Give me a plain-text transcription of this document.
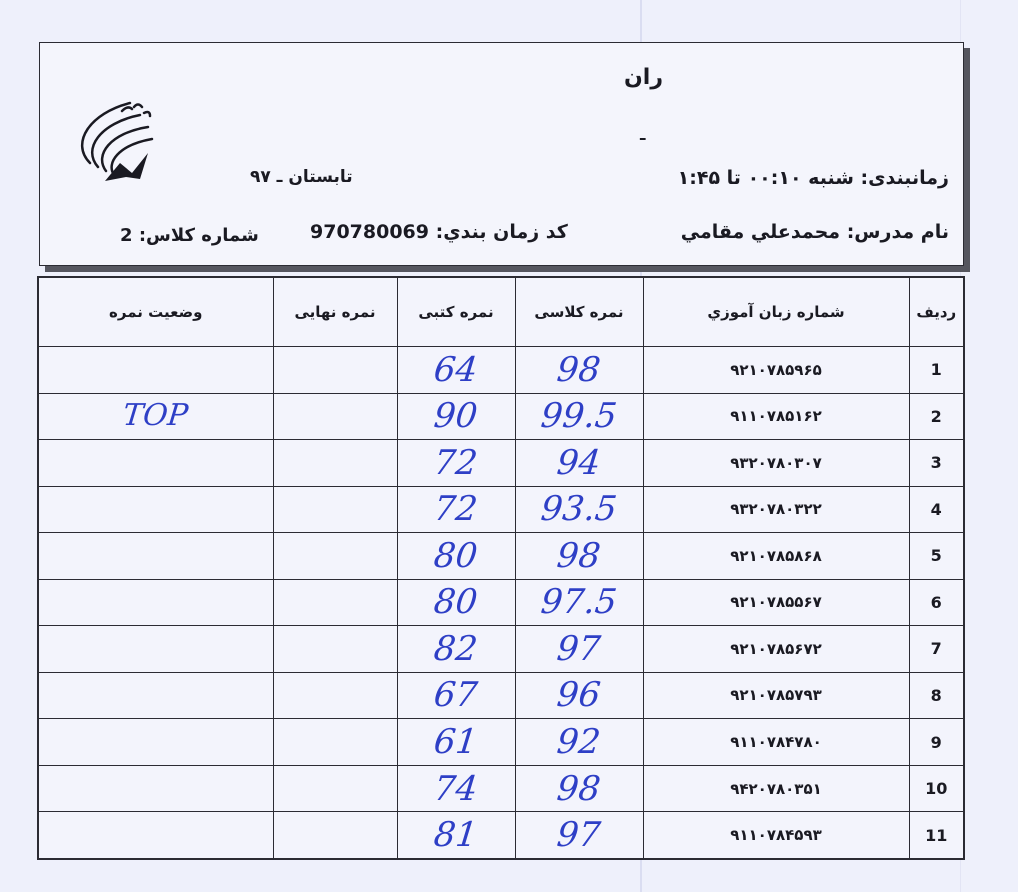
ران
ـ
زمانبندى: شنبه ۰۰:۱۰ تا ۱:۴۵
تابستان ـ ۹۷
نام مدرس: محمدعلي مقامي
كد زمان بندي: 970780069
شماره كلاس: 2
رديف	شماره زبان آموزي	نمره كلاسى	نمره كتبى	نمره نهايى	وضعيت نمره
1	۹۲۱۰۷۸۵۹۶۵	98	64		
2	۹۱۱۰۷۸۵۱۶۲	99.5	90		TOP
3	۹۳۲۰۷۸۰۳۰۷	94	72		
4	۹۳۲۰۷۸۰۳۲۲	93.5	72		
5	۹۲۱۰۷۸۵۸۶۸	98	80		
6	۹۲۱۰۷۸۵۵۶۷	97.5	80		
7	۹۲۱۰۷۸۵۶۷۲	97	82		
8	۹۲۱۰۷۸۵۷۹۳	96	67		
9	۹۱۱۰۷۸۴۷۸۰	92	61		
10	۹۴۲۰۷۸۰۳۵۱	98	74		
11	۹۱۱۰۷۸۴۵۹۳	97	81		
